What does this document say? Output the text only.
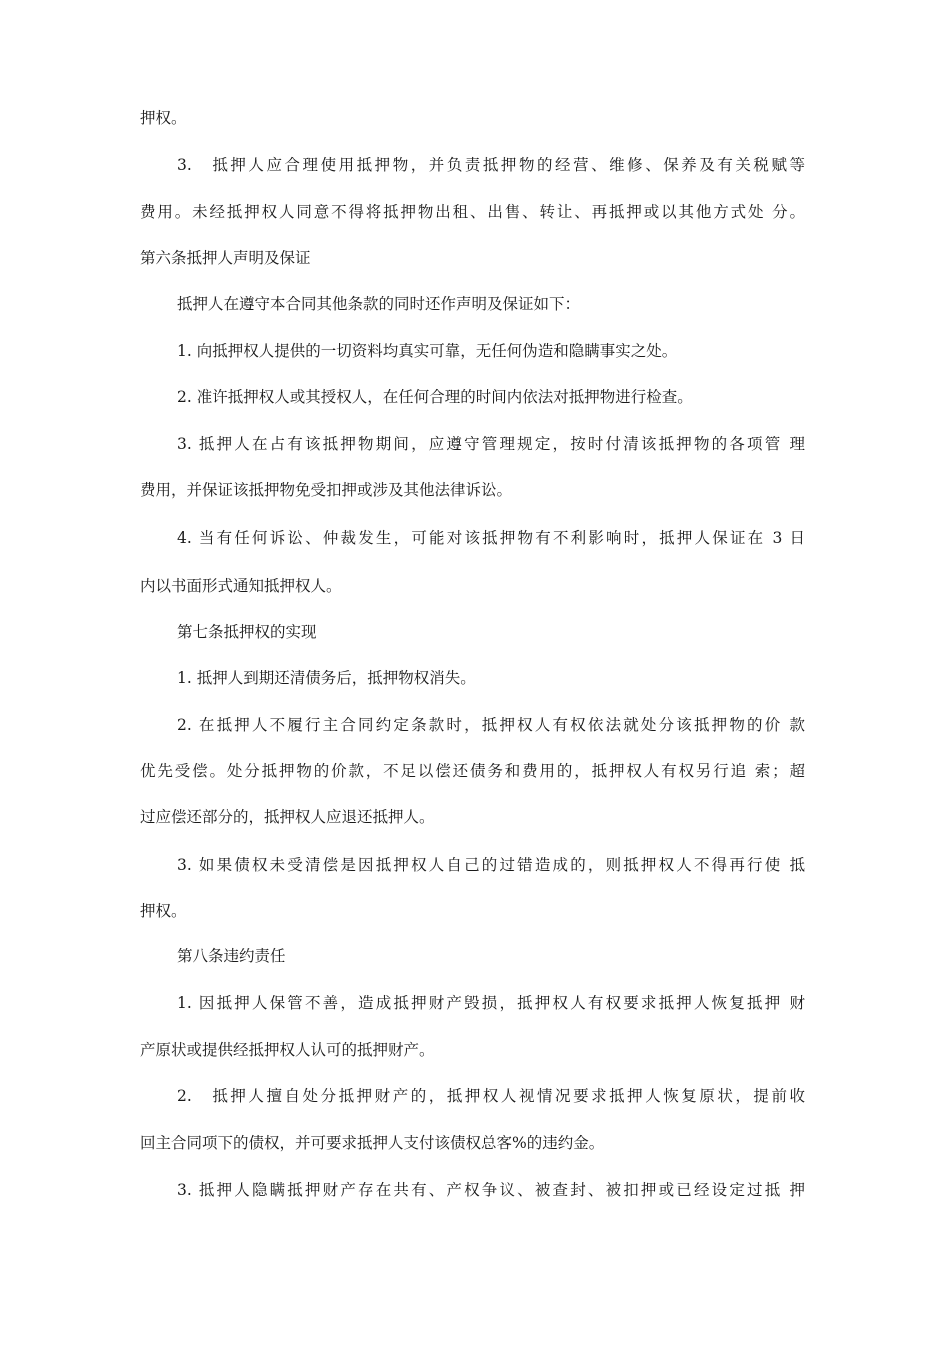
押权。
3.　抵押人应合理使用抵押物，并负责抵押物的经营、维修、保养及有关税赋等
费用。未经抵押权人同意不得将抵押物出租、出售、转让、再抵押或以其他方式处 分。
第六条抵押人声明及保证
抵押人在遵守本合同其他条款的同时还作声明及保证如下：
1. 向抵押权人提供的一切资料均真实可靠，无任何伪造和隐瞒事实之处。
2. 准许抵押权人或其授权人，在任何合理的时间内依法对抵押物进行检查。
3. 抵押人在占有该抵押物期间，应遵守管理规定，按时付清该抵押物的各项管 理
费用，并保证该抵押物免受扣押或涉及其他法律诉讼。
4. 当有任何诉讼、仲裁发生，可能对该抵押物有不利影响时，抵押人保证在 3 日
内以书面形式通知抵押权人。
第七条抵押权的实现
1. 抵押人到期还清债务后，抵押物权消失。
2. 在抵押人不履行主合同约定条款时，抵押权人有权依法就处分该抵押物的价 款
优先受偿。处分抵押物的价款，不足以偿还债务和费用的，抵押权人有权另行追 索；超
过应偿还部分的，抵押权人应退还抵押人。
3. 如果债权未受清偿是因抵押权人自己的过错造成的，则抵押权人不得再行使 抵
押权。
第八条违约责任
1. 因抵押人保管不善，造成抵押财产毁损，抵押权人有权要求抵押人恢复抵押 财
产原状或提供经抵押权人认可的抵押财产。
2.　抵押人擅自处分抵押财产的，抵押权人视情况要求抵押人恢复原状，提前收
回主合同项下的债权，并可要求抵押人支付该债权总客%的违约金。
3. 抵押人隐瞒抵押财产存在共有、产权争议、被查封、被扣押或已经设定过抵 押
